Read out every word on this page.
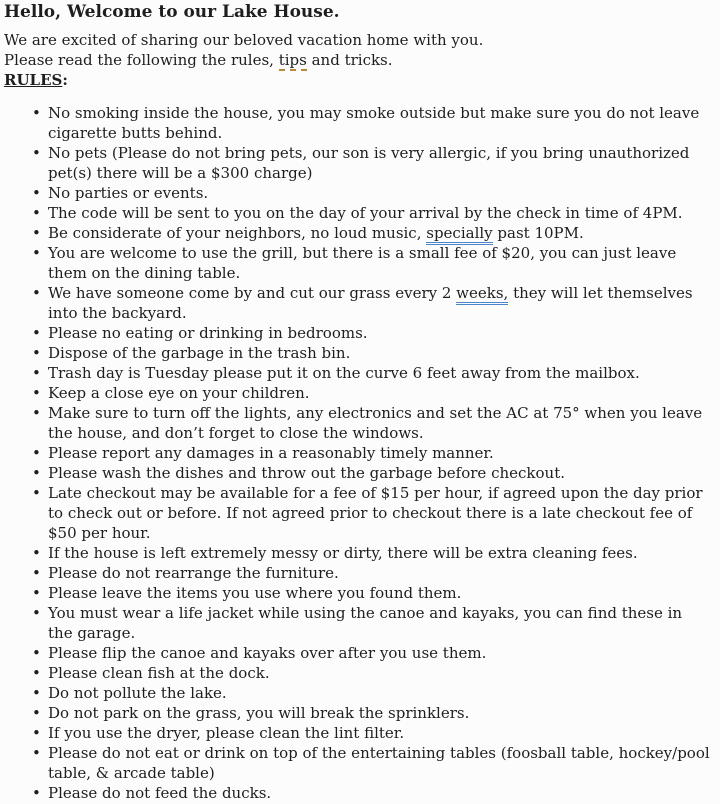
Hello, Welcome to our Lake House.

We are excited of sharing our beloved vacation home with you.

Please read the following the rules, tips and tricks.

RULES:

• No smoking inside the house, you may smoke outside but make sure you do not leave cigarette butts behind.
• No pets (Please do not bring pets, our son is very allergic, if you bring unauthorized pet(s) there will be a $300 charge)
• No parties or events.
• The code will be sent to you on the day of your arrival by the check in time of 4PM.
• Be considerate of your neighbors, no loud music, specially past 10PM.
• You are welcome to use the grill, but there is a small fee of $20, you can just leave them on the dining table.
• We have someone come by and cut our grass every 2 weeks, they will let themselves into the backyard.
• Please no eating or drinking in bedrooms.
• Dispose of the garbage in the trash bin.
• Trash day is Tuesday please put it on the curve 6 feet away from the mailbox.
• Keep a close eye on your children.
• Make sure to turn off the lights, any electronics and set the AC at 75° when you leave the house, and don’t forget to close the windows.
• Please report any damages in a reasonably timely manner.
• Please wash the dishes and throw out the garbage before checkout.
• Late checkout may be available for a fee of $15 per hour, if agreed upon the day prior to check out or before. If not agreed prior to checkout there is a late checkout fee of $50 per hour.
• If the house is left extremely messy or dirty, there will be extra cleaning fees.
• Please do not rearrange the furniture.
• Please leave the items you use where you found them.
• You must wear a life jacket while using the canoe and kayaks, you can find these in the garage.
• Please flip the canoe and kayaks over after you use them.
• Please clean fish at the dock.
• Do not pollute the lake.
• Do not park on the grass, you will break the sprinklers.
• If you use the dryer, please clean the lint filter.
• Please do not eat or drink on top of the entertaining tables (foosball table, hockey/pool table, & arcade table)
• Please do not feed the ducks.
